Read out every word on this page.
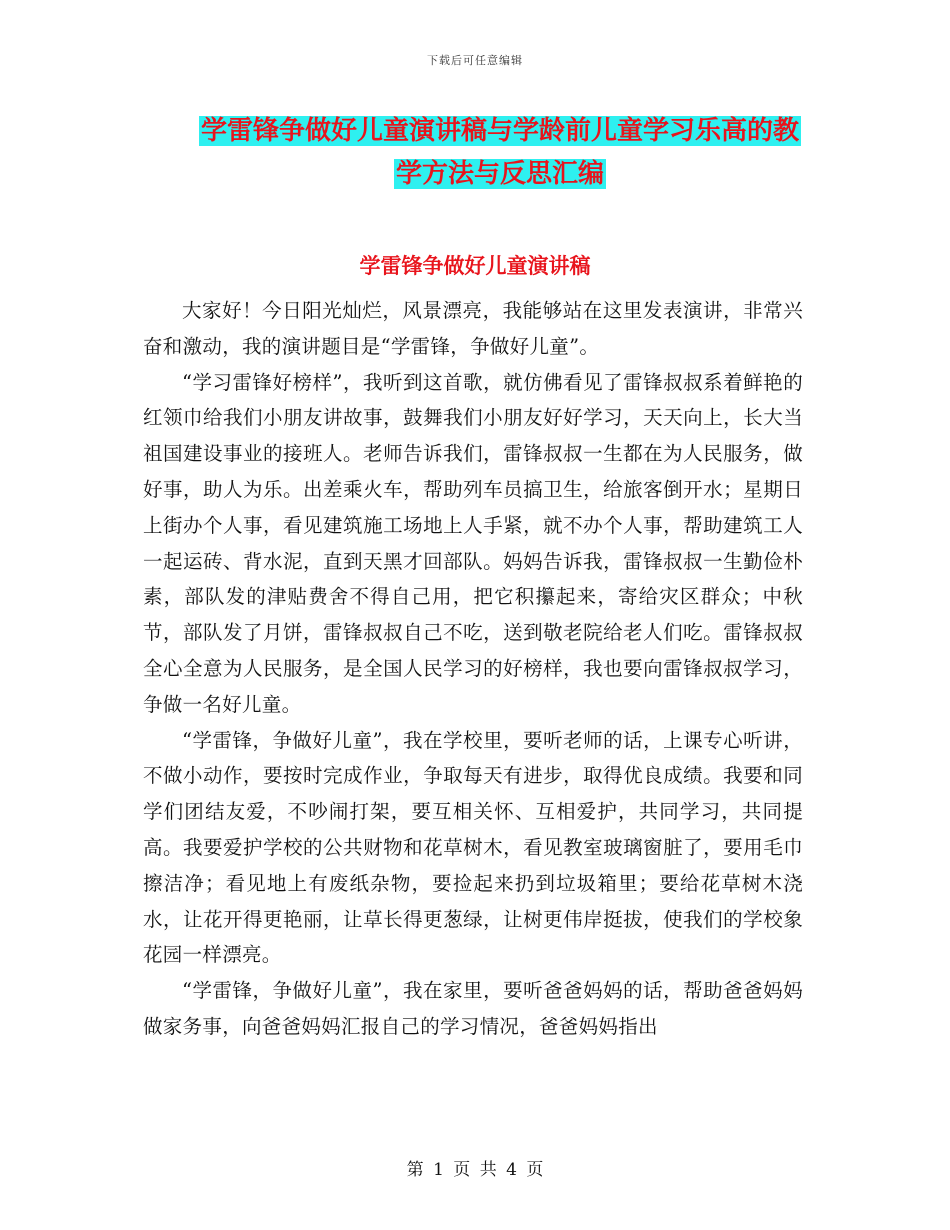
下载后可任意编辑
学雷锋争做好儿童演讲稿与学龄前儿童学习乐高的教
学方法与反思汇编
学雷锋争做好儿童演讲稿

大家好！今日阳光灿烂，风景漂亮，我能够站在这里发表演讲，非常兴奋和激动，我的演讲题目是“学雷锋，争做好儿童”。

“学习雷锋好榜样”，我听到这首歌，就仿佛看见了雷锋叔叔系着鲜艳的红领巾给我们小朋友讲故事，鼓舞我们小朋友好好学习，天天向上，长大当祖国建设事业的接班人。老师告诉我们，雷锋叔叔一生都在为人民服务，做好事，助人为乐。出差乘火车，帮助列车员搞卫生，给旅客倒开水；星期日上街办个人事，看见建筑施工场地上人手紧，就不办个人事，帮助建筑工人一起运砖、背水泥，直到天黑才回部队。妈妈告诉我，雷锋叔叔一生勤俭朴素，部队发的津贴费舍不得自己用，把它积攥起来，寄给灾区群众；中秋节，部队发了月饼，雷锋叔叔自己不吃，送到敬老院给老人们吃。雷锋叔叔全心全意为人民服务，是全国人民学习的好榜样，我也要向雷锋叔叔学习，争做一名好儿童。

“学雷锋，争做好儿童”，我在学校里，要听老师的话，上课专心听讲，不做小动作，要按时完成作业，争取每天有进步，取得优良成绩。我要和同学们团结友爱，不吵闹打架，要互相关怀、互相爱护，共同学习，共同提高。我要爱护学校的公共财物和花草树木，看见教室玻璃窗脏了，要用毛巾擦洁净；看见地上有废纸杂物，要捡起来扔到垃圾箱里；要给花草树木浇水，让花开得更艳丽，让草长得更葱绿，让树更伟岸挺拔，使我们的学校象花园一样漂亮。

“学雷锋，争做好儿童”，我在家里，要听爸爸妈妈的话，帮助爸爸妈妈做家务事，向爸爸妈妈汇报自己的学习情况，爸爸妈妈指出

第 1 页 共 4 页
